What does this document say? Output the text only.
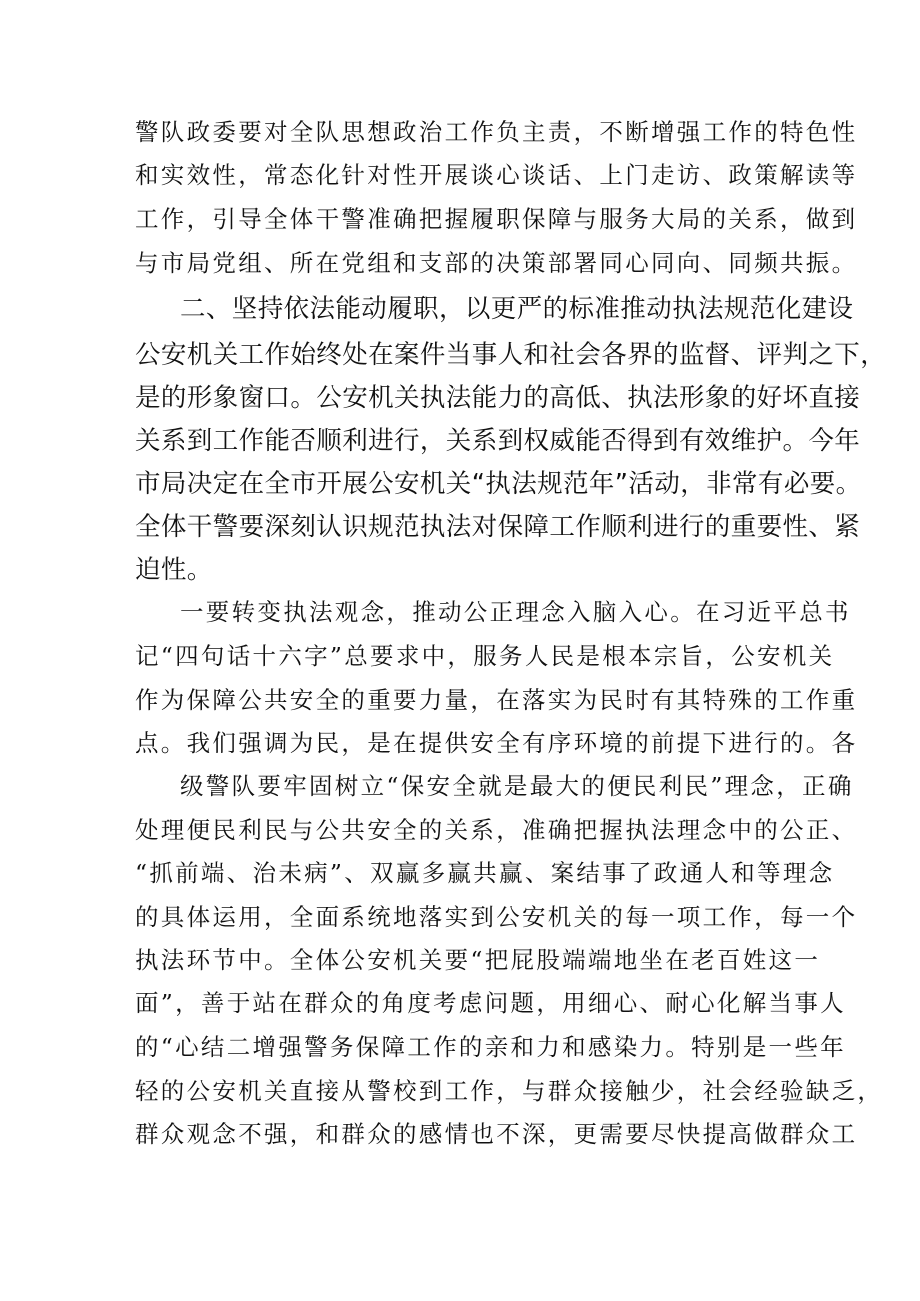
警队政委要对全队思想政治工作负主责，不断增强工作的特色性
和实效性，常态化针对性开展谈心谈话、上门走访、政策解读等
工作，引导全体干警准确把握履职保障与服务大局的关系，做到
与市局党组、所在党组和支部的决策部署同心同向、同频共振。
二、坚持依法能动履职，以更严的标准推动执法规范化建设
公安机关工作始终处在案件当事人和社会各界的监督、评判之下，
是的形象窗口。公安机关执法能力的高低、执法形象的好坏直接
关系到工作能否顺利进行，关系到权威能否得到有效维护。今年
市局决定在全市开展公安机关“执法规范年”活动，非常有必要。
全体干警要深刻认识规范执法对保障工作顺利进行的重要性、紧
迫性。
一要转变执法观念，推动公正理念入脑入心。在习近平总书
记“四句话十六字”总要求中，服务人民是根本宗旨，公安机关
作为保障公共安全的重要力量，在落实为民时有其特殊的工作重
点。我们强调为民，是在提供安全有序环境的前提下进行的。各
级警队要牢固树立“保安全就是最大的便民利民”理念，正确
处理便民利民与公共安全的关系，准确把握执法理念中的公正、
“抓前端、治未病”、双赢多赢共赢、案结事了政通人和等理念
的具体运用，全面系统地落实到公安机关的每一项工作，每一个
执法环节中。全体公安机关要“把屁股端端地坐在老百姓这一
面”，善于站在群众的角度考虑问题，用细心、耐心化解当事人
的“心结二增强警务保障工作的亲和力和感染力。特别是一些年
轻的公安机关直接从警校到工作，与群众接触少，社会经验缺乏，
群众观念不强，和群众的感情也不深，更需要尽快提高做群众工
